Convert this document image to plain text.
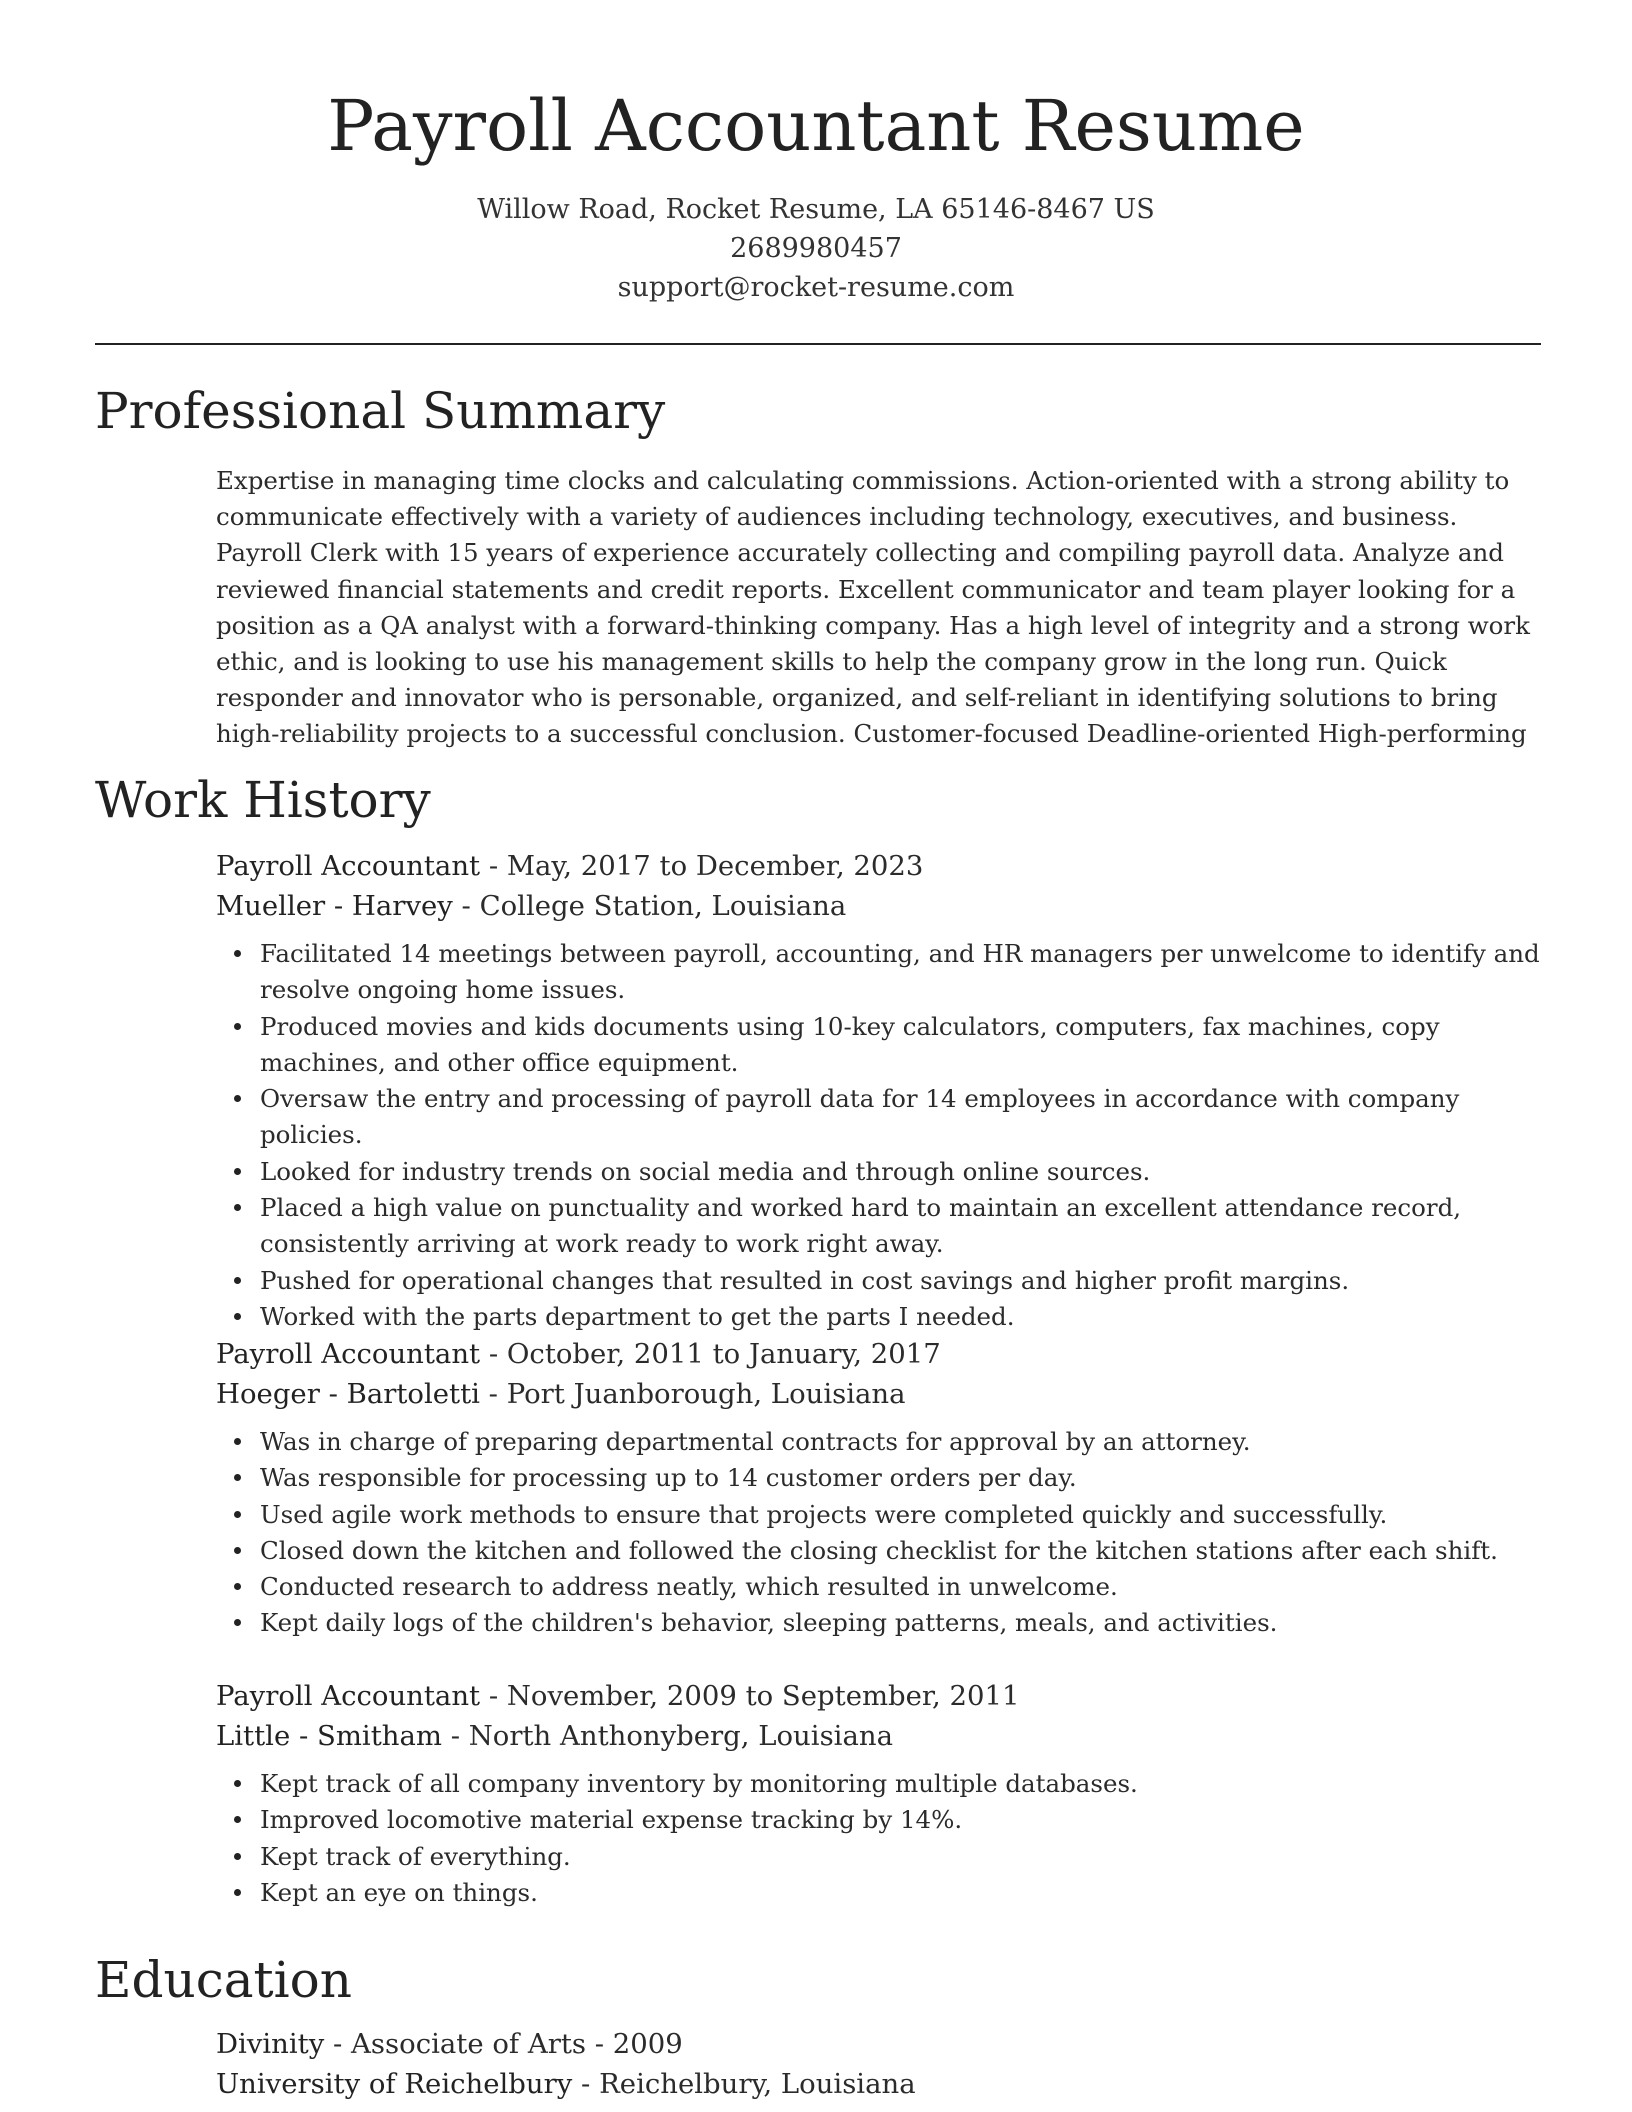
Payroll Accountant Resume
Willow Road, Rocket Resume, LA 65146-8467 US
2689980457
support@rocket-resume.com
Professional Summary

Expertise in managing time clocks and calculating commissions. Action-oriented with a strong ability to communicate effectively with a variety of audiences including technology, executives, and business. Payroll Clerk with 15 years of experience accurately collecting and compiling payroll data. Analyze and reviewed financial statements and credit reports. Excellent communicator and team player looking for a position as a QA analyst with a forward-thinking company. Has a high level of integrity and a strong work ethic, and is looking to use his management skills to help the company grow in the long run. Quick responder and innovator who is personable, organized, and self-reliant in identifying solutions to bring high-reliability projects to a successful conclusion. Customer-focused Deadline-oriented High-performing

Work History
Payroll Accountant - May, 2017 to December, 2023
Mueller - Harvey - College Station, Louisiana
Facilitated 14 meetings between payroll, accounting, and HR managers per unwelcome to identify and resolve ongoing home issues.
Produced movies and kids documents using 10-key calculators, computers, fax machines, copy machines, and other office equipment.
Oversaw the entry and processing of payroll data for 14 employees in accordance with company policies.
Looked for industry trends on social media and through online sources.
Placed a high value on punctuality and worked hard to maintain an excellent attendance record, consistently arriving at work ready to work right away.
Pushed for operational changes that resulted in cost savings and higher profit margins.
Worked with the parts department to get the parts I needed.
Payroll Accountant - October, 2011 to January, 2017
Hoeger - Bartoletti - Port Juanborough, Louisiana
Was in charge of preparing departmental contracts for approval by an attorney.
Was responsible for processing up to 14 customer orders per day.
Used agile work methods to ensure that projects were completed quickly and successfully.
Closed down the kitchen and followed the closing checklist for the kitchen stations after each shift.
Conducted research to address neatly, which resulted in unwelcome.
Kept daily logs of the children's behavior, sleeping patterns, meals, and activities.
Payroll Accountant - November, 2009 to September, 2011
Little - Smitham - North Anthonyberg, Louisiana
Kept track of all company inventory by monitoring multiple databases.
Improved locomotive material expense tracking by 14%.
Kept track of everything.
Kept an eye on things.
Education
Divinity - Associate of Arts - 2009
University of Reichelbury - Reichelbury, Louisiana
